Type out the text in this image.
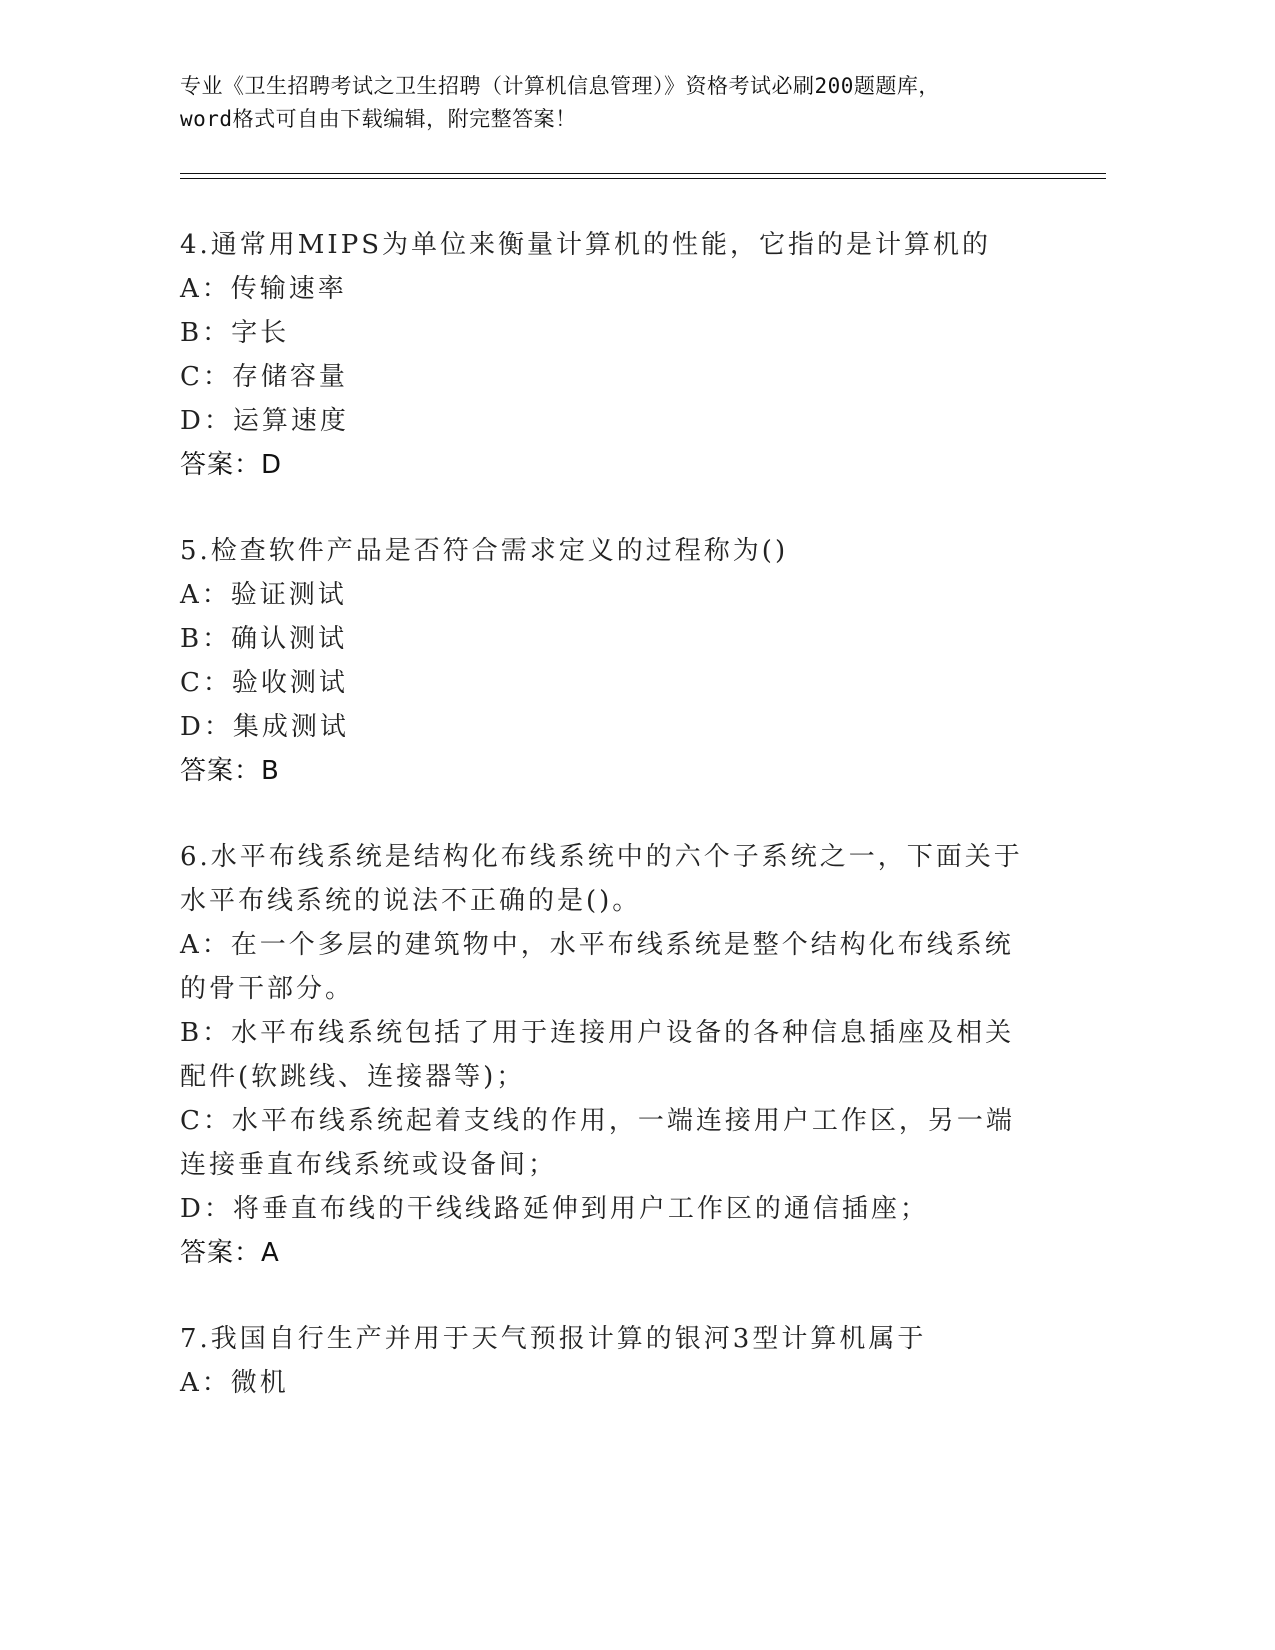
专业《卫生招聘考试之卫生招聘（计算机信息管理）》资格考试必刷200题题库，
word格式可自由下载编辑，附完整答案！
4.通常用MIPS为单位来衡量计算机的性能，它指的是计算机的
A：传输速率
B：字长
C：存储容量
D：运算速度
答案：D
5.检查软件产品是否符合需求定义的过程称为()
A：验证测试
B：确认测试
C：验收测试
D：集成测试
答案：B
6.水平布线系统是结构化布线系统中的六个子系统之一，下面关于水平布线系统的说法不正确的是()。
A：在一个多层的建筑物中，水平布线系统是整个结构化布线系统的骨干部分。
B：水平布线系统包括了用于连接用户设备的各种信息插座及相关配件(软跳线、连接器等)；
C：水平布线系统起着支线的作用，一端连接用户工作区，另一端连接垂直布线系统或设备间；
D：将垂直布线的干线线路延伸到用户工作区的通信插座；
答案：A
7.我国自行生产并用于天气预报计算的银河3型计算机属于
A：微机
